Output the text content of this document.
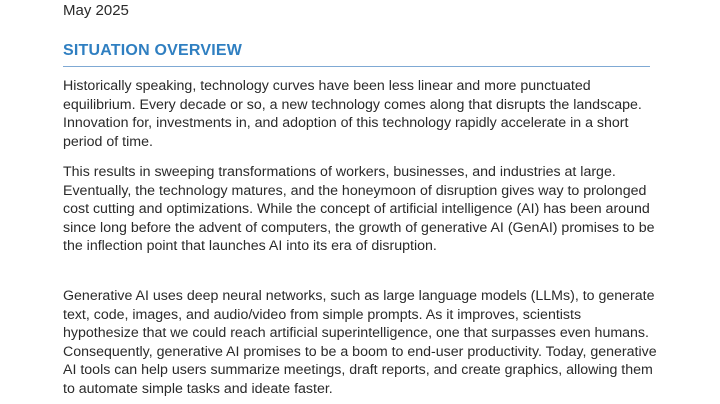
May 2025
SITUATION OVERVIEW

Historically speaking, technology curves have been less linear and more punctuated equilibrium. Every decade or so, a new technology comes along that disrupts the landscape. Innovation for, investments in, and adoption of this technology rapidly accelerate in a short period of time.

This results in sweeping transformations of workers, businesses, and industries at large. Eventually, the technology matures, and the honeymoon of disruption gives way to prolonged cost cutting and optimizations. While the concept of artificial intelligence (AI) has been around since long before the advent of computers, the growth of generative AI (GenAI) promises to be the inflection point that launches AI into its era of disruption.

Generative AI uses deep neural networks, such as large language models (LLMs), to generate text, code, images, and audio/video from simple prompts. As it improves, scientists hypothesize that we could reach artificial superintelligence, one that surpasses even humans. Consequently, generative AI promises to be a boom to end-user productivity. Today, generative AI tools can help users summarize meetings, draft reports, and create graphics, allowing them to automate simple tasks and ideate faster.
